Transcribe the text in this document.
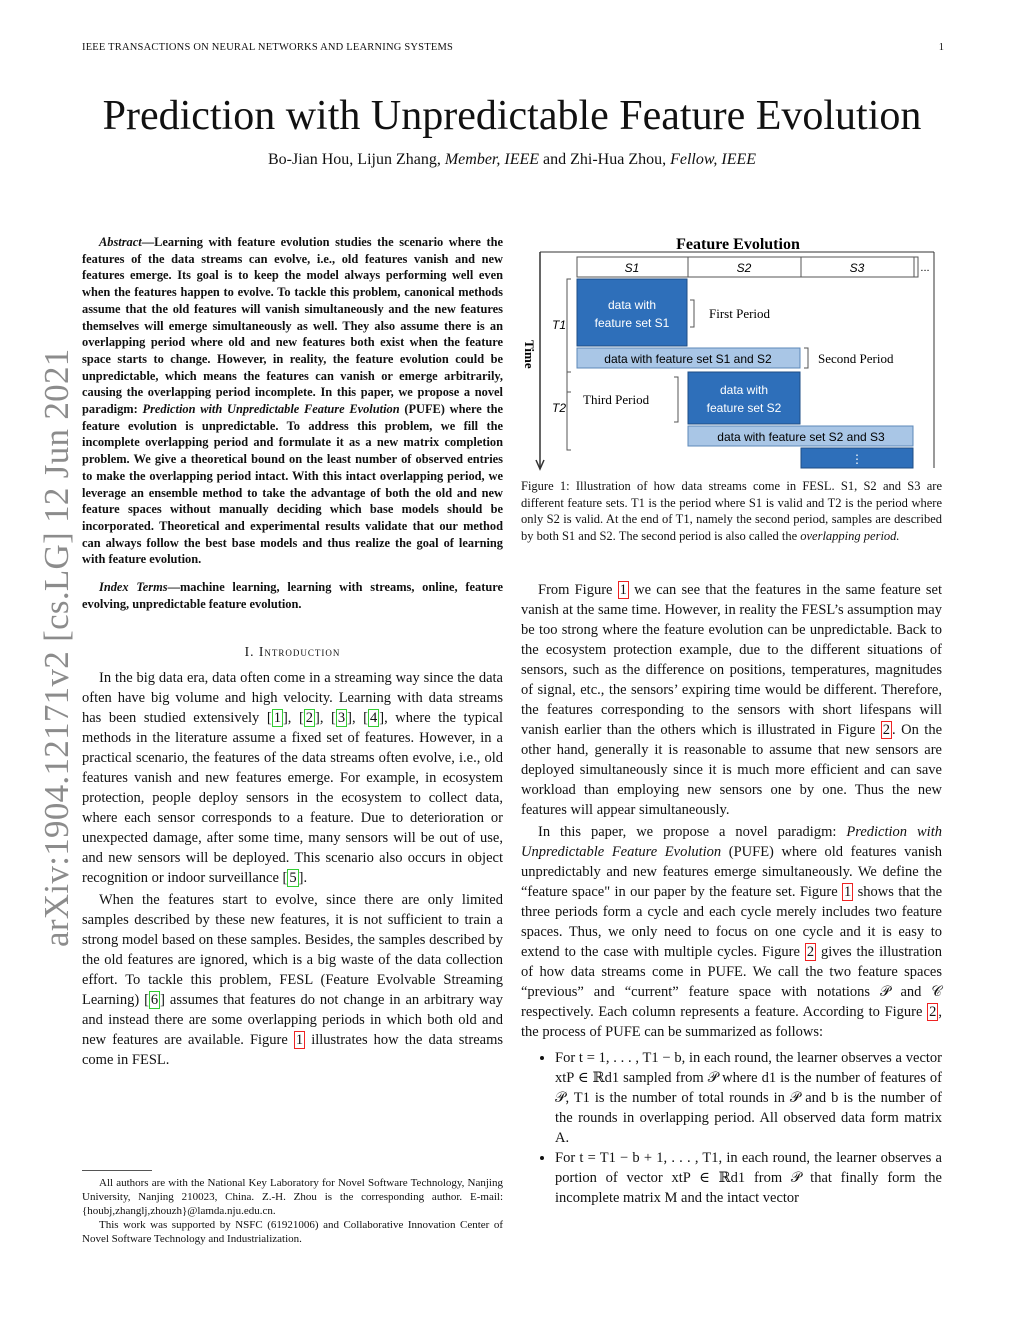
IEEE TRANSACTIONS ON NEURAL NETWORKS AND LEARNING SYSTEMS	1
arXiv:1904.12171v2 [cs.LG] 12 Jun 2021
Prediction with Unpredictable Feature Evolution
Bo-Jian Hou, Lijun Zhang, Member, IEEE and Zhi-Hua Zhou, Fellow, IEEE

Abstract—Learning with feature evolution studies the scenario where the features of the data streams can evolve, i.e., old features vanish and new features emerge. Its goal is to keep the model always performing well even when the features happen to evolve. To tackle this problem, canonical methods assume that the old features will vanish simultaneously and the new features themselves will emerge simultaneously as well. They also assume there is an overlapping period where old and new features both exist when the feature space starts to change. However, in reality, the feature evolution could be unpredictable, which means the features can vanish or emerge arbitrarily, causing the overlapping period incomplete. In this paper, we propose a novel paradigm: Prediction with Unpredictable Feature Evolution (PUFE) where the feature evolution is unpredictable. To address this problem, we fill the incomplete overlapping period and formulate it as a new matrix completion problem. We give a theoretical bound on the least number of observed entries to make the overlapping period intact. With this intact overlapping period, we leverage an ensemble method to take the advantage of both the old and new feature spaces without manually deciding which base models should be incorporated. Theoretical and experimental results validate that our method can always follow the best base models and thus realize the goal of learning with feature evolution.

Index Terms—machine learning, learning with streams, online, feature evolving, unpredictable feature evolution.

I. Introduction

In the big data era, data often come in a streaming way since the data often have big volume and high velocity. Learning with data streams has been studied extensively [ 1 ], [ 2 ], [ 3 ], [ 4 ], where the typical methods in the literature assume a fixed set of features. However, in a practical scenario, the features of the data streams often evolve, i.e., old features vanish and new features emerge. For example, in ecosystem protection, people deploy sensors in the ecosystem to collect data, where each sensor corresponds to a feature. Due to deterioration or unexpected damage, after some time, many sensors will be out of use, and new sensors will be deployed. This scenario also occurs in object recognition or indoor surveillance [ 5 ].

When the features start to evolve, since there are only limited samples described by these new features, it is not sufficient to train a strong model based on these samples. Besides, the samples described by the old features are ignored, which is a big waste of the data collection effort. To tackle this problem, FESL (Feature Evolvable Streaming Learning) [ 6 ] assumes that features do not change in an arbitrary way and instead there are some overlapping periods in which both old and new features are available. Figure 1 illustrates how the data streams come in FESL.

All authors are with the National Key Laboratory for Novel Software Technology, Nanjing University, Nanjing 210023, China. Z.-H. Zhou is the corresponding author. E-mail: {houbj,zhanglj,zhouzh}@lamda.nju.edu.cn.

This work was supported by NSFC (61921006) and Collaborative Innovation Center of Novel Software Technology and Industrialization.

Feature Evolution
Time
S1	S2	S3	...
T1
data with
feature set S1
First Period
data with feature set S1 and S2	Second Period
T2
Third Period
data with
feature set S2
data with feature set S2 and S3
⋮
Figure 1: Illustration of how data streams come in FESL. S1, S2 and S3 are different feature sets. T1 is the period where S1 is valid and T2 is the period where only S2 is valid. At the end of T1, namely the second period, samples are described by both S1 and S2. The second period is also called the overlapping period.

From Figure 1 we can see that the features in the same feature set vanish at the same time. However, in reality the FESL’s assumption may be too strong where the feature evolution can be unpredictable. Back to the ecosystem protection example, due to the different situations of sensors, such as the difference on positions, temperatures, magnitudes of signal, etc., the sensors’ expiring time would be different. Therefore, the features corresponding to the sensors with short lifespans will vanish earlier than the others which is illustrated in Figure 2 . On the other hand, generally it is reasonable to assume that new sensors are deployed simultaneously since it is much more efficient and can save workload than employing new sensors one by one. Thus the new features will appear simultaneously.

In this paper, we propose a novel paradigm: Prediction with Unpredictable Feature Evolution (PUFE) where old features vanish unpredictably and new features emerge simultaneously. We define the “feature space" in our paper by the feature set. Figure 1 shows that the three periods form a cycle and each cycle merely includes two feature spaces. Thus, we only need to focus on one cycle and it is easy to extend to the case with multiple cycles. Figure 2 gives the illustration of how data streams come in PUFE. We call the two feature spaces “previous” and “current” feature space with notations 𝒫 and 𝒞 respectively. Each column represents a feature. According to Figure 2 , the process of PUFE can be summarized as follows:

• For t = 1, . . . , T1 − b, in each round, the learner observes a vector xtP ∈ ℝd1 sampled from 𝒫 where d1 is the number of features of 𝒫, T1 is the number of total rounds in 𝒫 and b is the number of the rounds in overlapping period. All observed data form matrix A.
• For t = T1 − b + 1, . . . , T1, in each round, the learner observes a portion of vector xtP ∈ ℝd1 from 𝒫 that finally form the incomplete matrix M and the intact vector
